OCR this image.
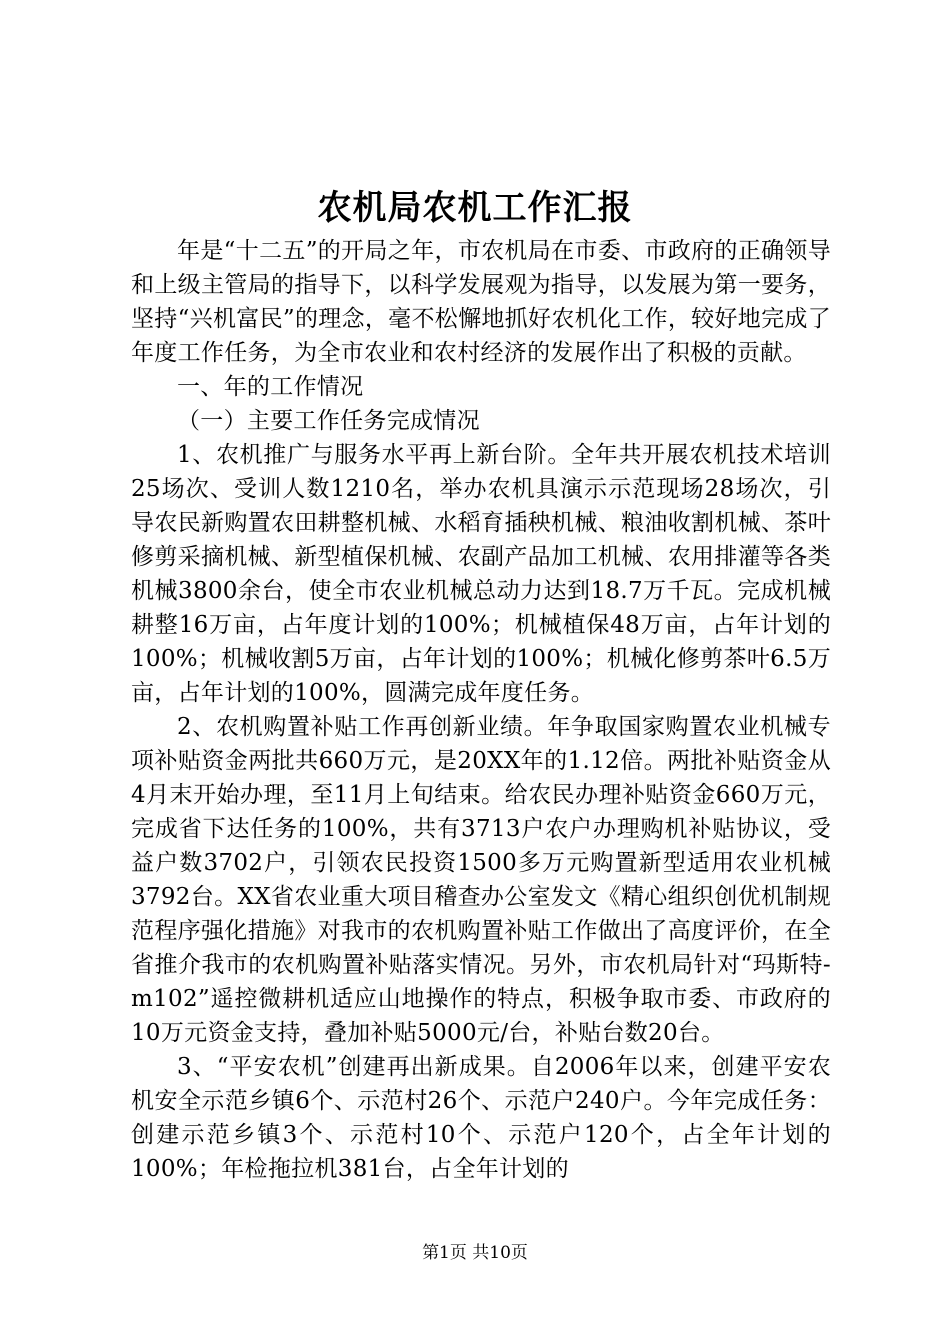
农机局农机工作汇报

年是“十二五”的开局之年，市农机局在市委、市政府的正确领导和上级主管局的指导下，以科学发展观为指导，以发展为第一要务，坚持“兴机富民”的理念，毫不松懈地抓好农机化工作，较好地完成了年度工作任务，为全市农业和农村经济的发展作出了积极的贡献。

一、年的工作情况

（一）主要工作任务完成情况

1、农机推广与服务水平再上新台阶。全年共开展农机技术培训25场次、受训人数1210名，举办农机具演示示范现场28场次，引导农民新购置农田耕整机械、水稻育插秧机械、粮油收割机械、茶叶修剪采摘机械、新型植保机械、农副产品加工机械、农用排灌等各类机械3800余台，使全市农业机械总动力达到18.7万千瓦。完成机械耕整16万亩，占年度计划的100%；机械植保48万亩，占年计划的100%；机械收割5万亩，占年计划的100%；机械化修剪茶叶6.5万亩，占年计划的100%，圆满完成年度任务。

2、农机购置补贴工作再创新业绩。年争取国家购置农业机械专项补贴资金两批共660万元，是20XX年的1.12倍。两批补贴资金从4月末开始办理，至11月上旬结束。给农民办理补贴资金660万元，完成省下达任务的100%，共有3713户农户办理购机补贴协议，受益户数3702户，引领农民投资1500多万元购置新型适用农业机械3792台。XX省农业重大项目稽查办公室发文《精心组织创优机制规范程序强化措施》对我市的农机购置补贴工作做出了高度评价，在全省推介我市的农机购置补贴落实情况。另外，市农机局针对“玛斯特-m102”遥控微耕机适应山地操作的特点，积极争取市委、市政府的10万元资金支持，叠加补贴5000元/台，补贴台数20台。

3、“平安农机”创建再出新成果。自2006年以来，创建平安农机安全示范乡镇6个、示范村26个、示范户240户。今年完成任务：创建示范乡镇3个、示范村10个、示范户120个，占全年计划的100%；年检拖拉机381台，占全年计划的

第1页 共10页
